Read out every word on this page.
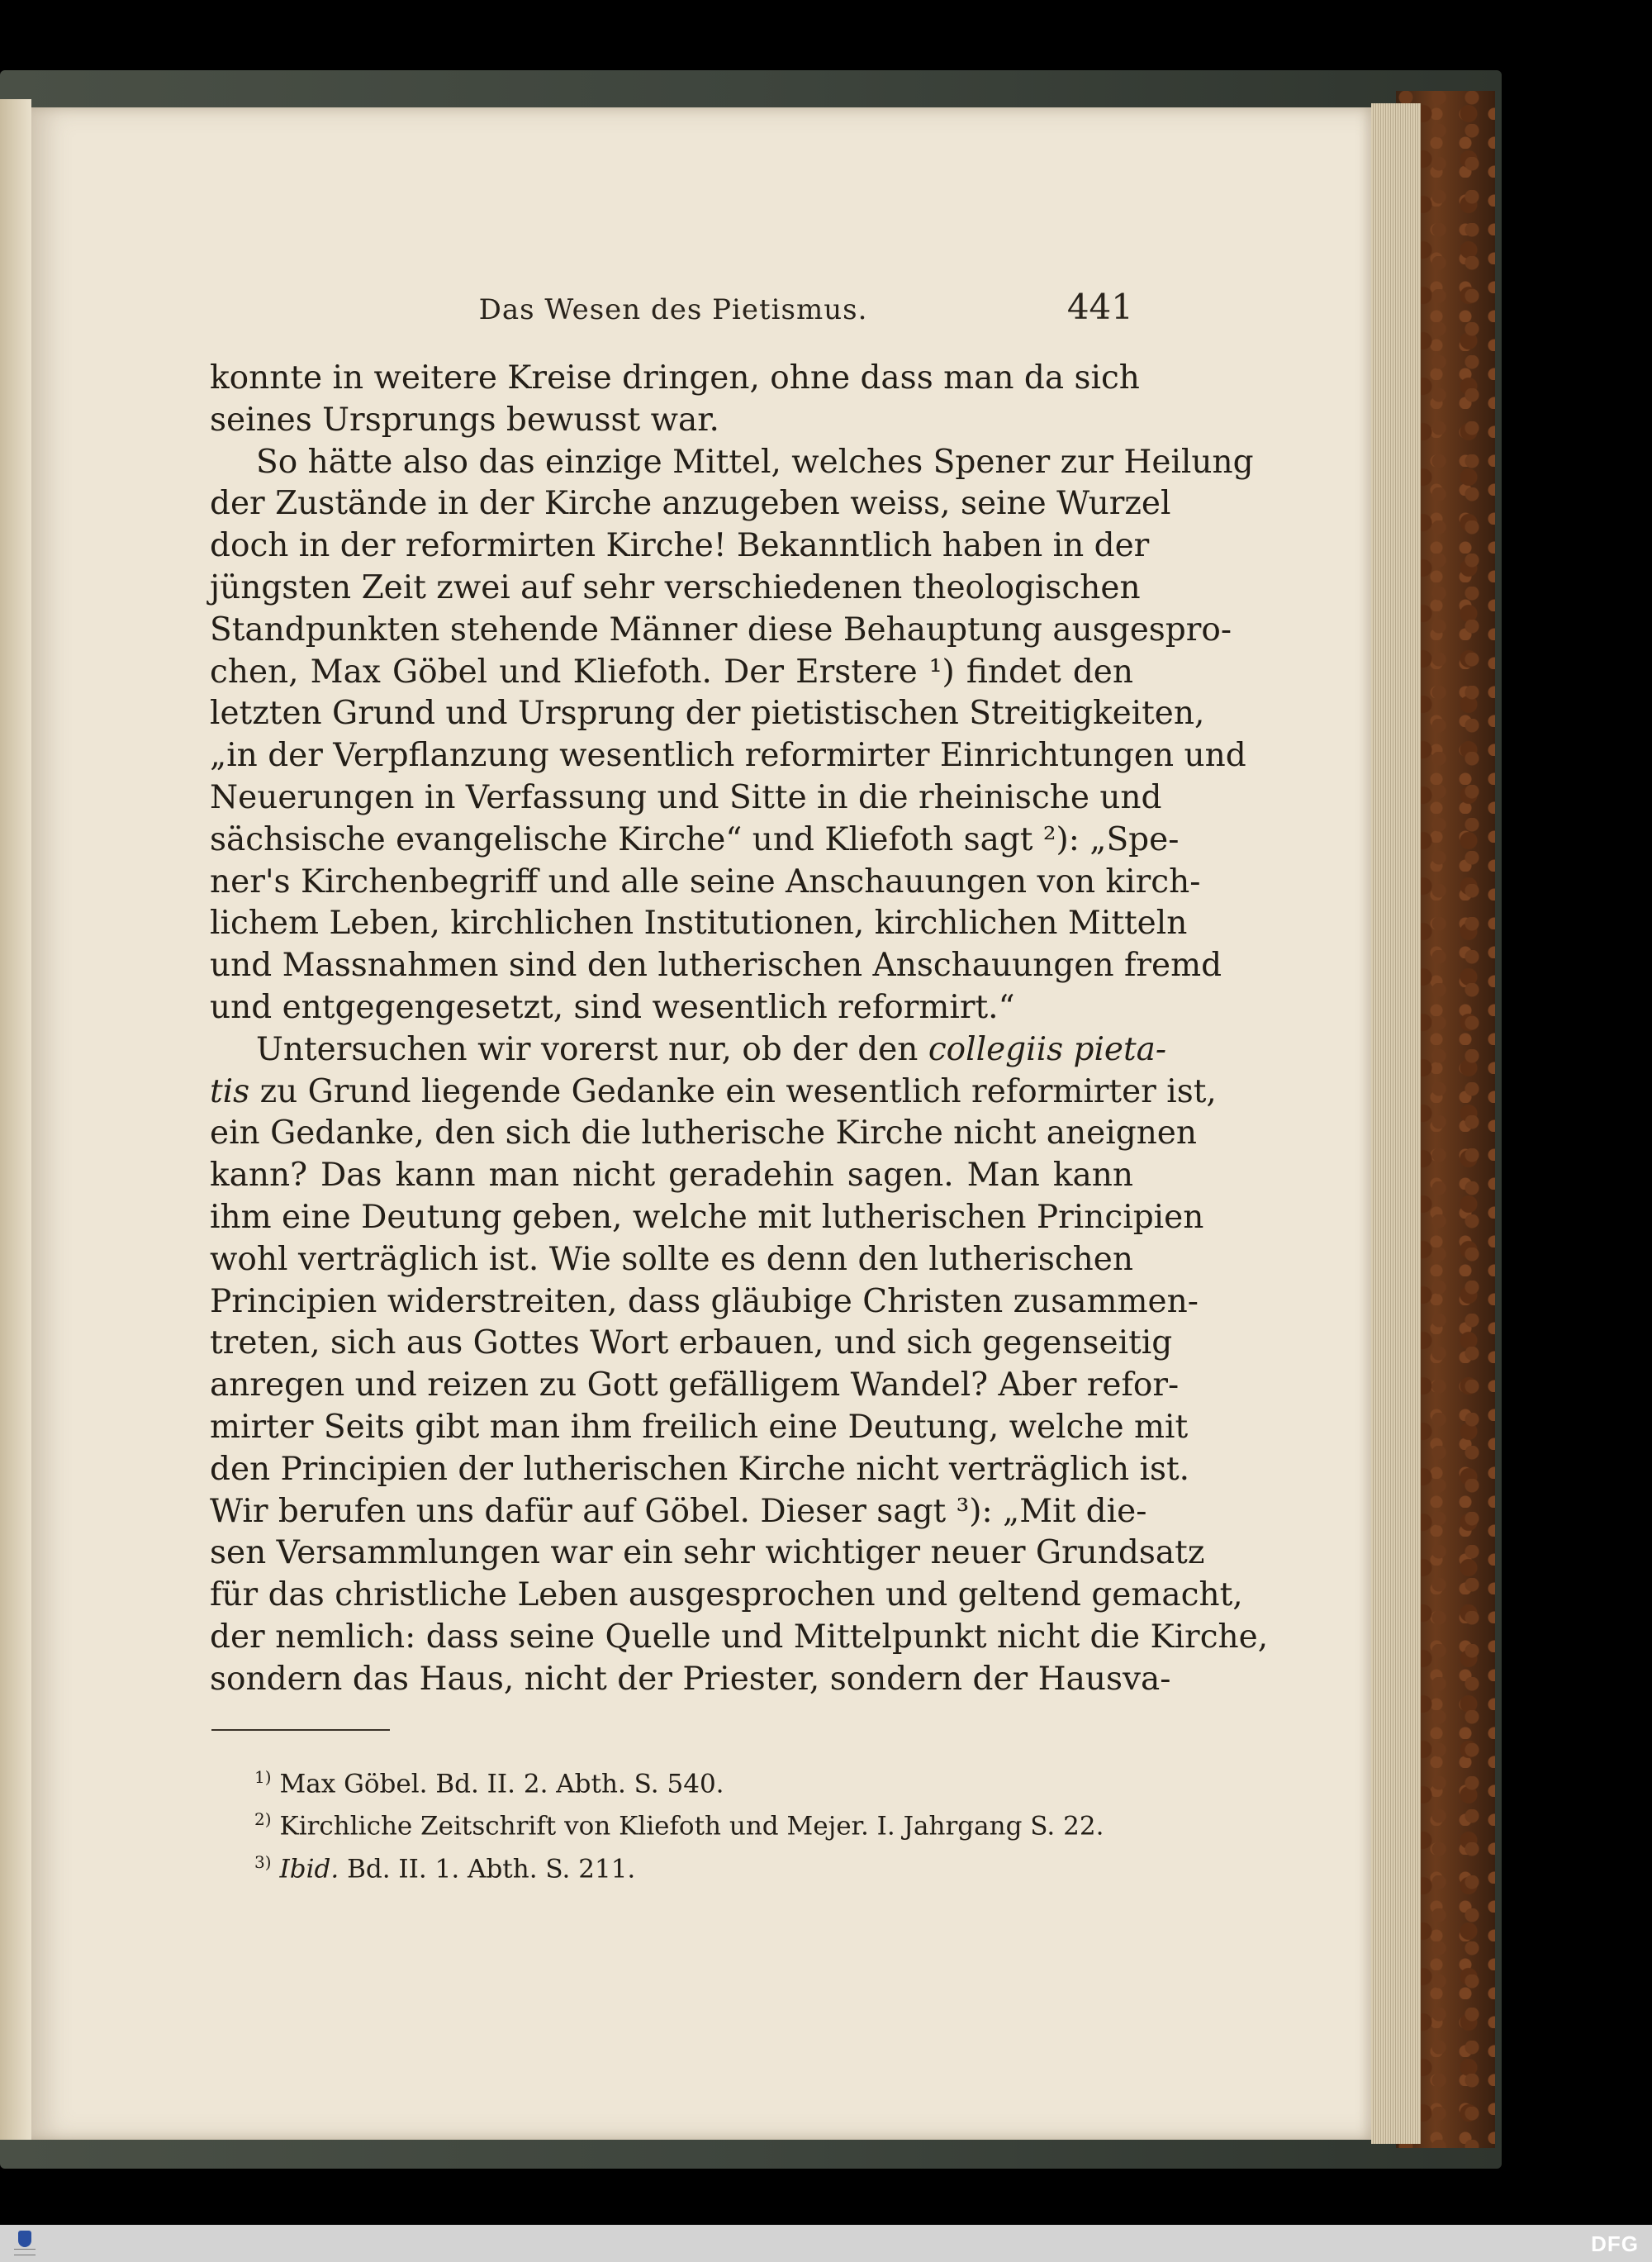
Das Wesen des Pietismus.	441
konnte in weitere Kreise dringen, ohne dass man da sich
seines Ursprungs bewusst war.
So hätte also das einzige Mittel, welches Spener zur Heilung
der Zustände in der Kirche anzugeben weiss, seine Wurzel
doch in der reformirten Kirche! Bekanntlich haben in der
jüngsten Zeit zwei auf sehr verschiedenen theologischen
Standpunkten stehende Männer diese Behauptung ausgespro-
chen, Max Göbel und Kliefoth. Der Erstere ¹) findet den
letzten Grund und Ursprung der pietistischen Streitigkeiten,
„in der Verpflanzung wesentlich reformirter Einrichtungen und
Neuerungen in Verfassung und Sitte in die rheinische und
sächsische evangelische Kirche“ und Kliefoth sagt ²): „Spe-
ner's Kirchenbegriff und alle seine Anschauungen von kirch-
lichem Leben, kirchlichen Institutionen, kirchlichen Mitteln
und Massnahmen sind den lutherischen Anschauungen fremd
und entgegengesetzt, sind wesentlich reformirt.“
Untersuchen wir vorerst nur, ob der den collegiis pieta-
tis zu Grund liegende Gedanke ein wesentlich reformirter ist,
ein Gedanke, den sich die lutherische Kirche nicht aneignen
kann? Das kann man nicht geradehin sagen. Man kann
ihm eine Deutung geben, welche mit lutherischen Principien
wohl verträglich ist. Wie sollte es denn den lutherischen
Principien widerstreiten, dass gläubige Christen zusammen-
treten, sich aus Gottes Wort erbauen, und sich gegenseitig
anregen und reizen zu Gott gefälligem Wandel? Aber refor-
mirter Seits gibt man ihm freilich eine Deutung, welche mit
den Principien der lutherischen Kirche nicht verträglich ist.
Wir berufen uns dafür auf Göbel. Dieser sagt ³): „Mit die-
sen Versammlungen war ein sehr wichtiger neuer Grundsatz
für das christliche Leben ausgesprochen und geltend gemacht,
der nemlich: dass seine Quelle und Mittelpunkt nicht die Kirche,
sondern das Haus, nicht der Priester, sondern der Hausva-
$^{1)}$ Max Göbel. Bd. II. 2. Abth. S. 540.
$^{2)}$ Kirchliche Zeitschrift von Kliefoth und Mejer. I. Jahrgang S. 22.
$^{3)}$ Ibid. Bd. II. 1. Abth. S. 211.
DFG
